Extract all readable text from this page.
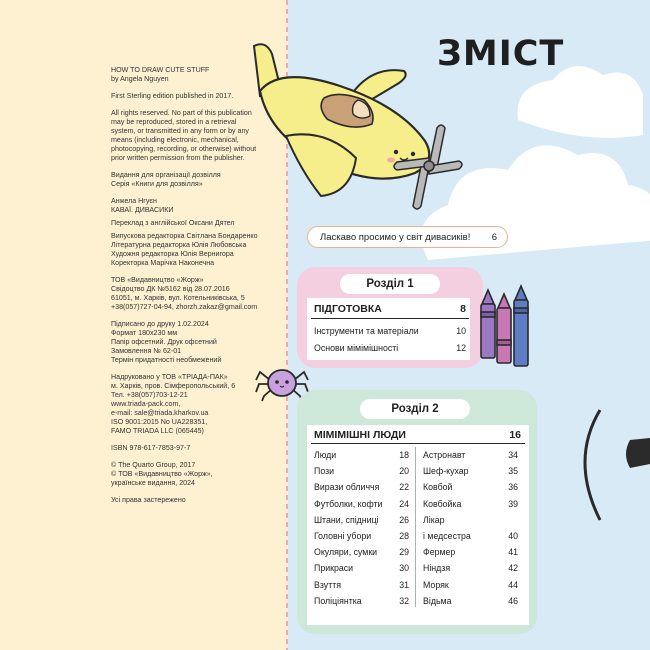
HOW TO DRAW CUTE STUFF

by Angela Nguyen

First Sterling edition published in 2017.

All rights reserved. No part of this publication

may be reproduced, stored in a retrieval

system, or transmitted in any form or by any

means (including electronic, mechanical,

photocopying, recording, or otherwise) without

prior written permission from the publisher.

Видання для організації дозвілля

Серія «Книги для дозвілля»

Анжела Нгуєн

КАВАЇ. ДИВАСИКИ

Переклад з англійської Оксани Дятел

Випускова редакторка Світлана Бондаренко

Літературна редакторка Юлія Любовська

Художня редакторка Юлія Вернигора

Коректорка Марічка Наконечна

ТОВ «Видавництво «Жорж»

Свідоцтво ДК №5162 від 28.07.2016

61051, м. Харків, вул. Котельниківська, 5

+38(057)727-04-94, zhorzh.zakaz@gmail.com

Підписано до друку 1.02.2024

Формат 180х230 мм

Папір офсетний. Друк офсетний

Замовлення № 62-01

Термін придатності необмежений

Надруковано у ТОВ «ТРІАДА-ПАК»

м. Харків, пров. Сімферопольський, 6

Тел. +38(057)703-12-21

www.triada-pack.com,

e-mail: sale@triada.kharkov.ua

ISO 9001:2015 No UA228351,

FAMO TRIADA LLC (065445)

ISBN 978-617-7853-97-7

© The Quarto Group, 2017

© ТОВ «Видавництво «Жорж»,

українське видання, 2024

Усі права застережено

ЗМІСТ
Ласкаво просимо у світ дивасиків!	6
Розділ 1
ПІДГОТОВКА	8
Інструменти та матеріали	10
Основи мімімішності	12
Розділ 2
МІМІМІШНІ ЛЮДИ	16
Люди	18
Пози	20
Вирази обличчя 22
Футболки, кофти 24
Штани, спідниці 26
Головні убори	28
Окуляри, сумки	29
Прикраси	30
Взуття	31
Поліціянтка	32
Астронавт	34
Шеф-кухар	35
Ковбой	36
Ковбойка	39
Лікар
і медсестра	40
Фермер	41
Ніндзя	42
Моряк	44
Відьма	46
